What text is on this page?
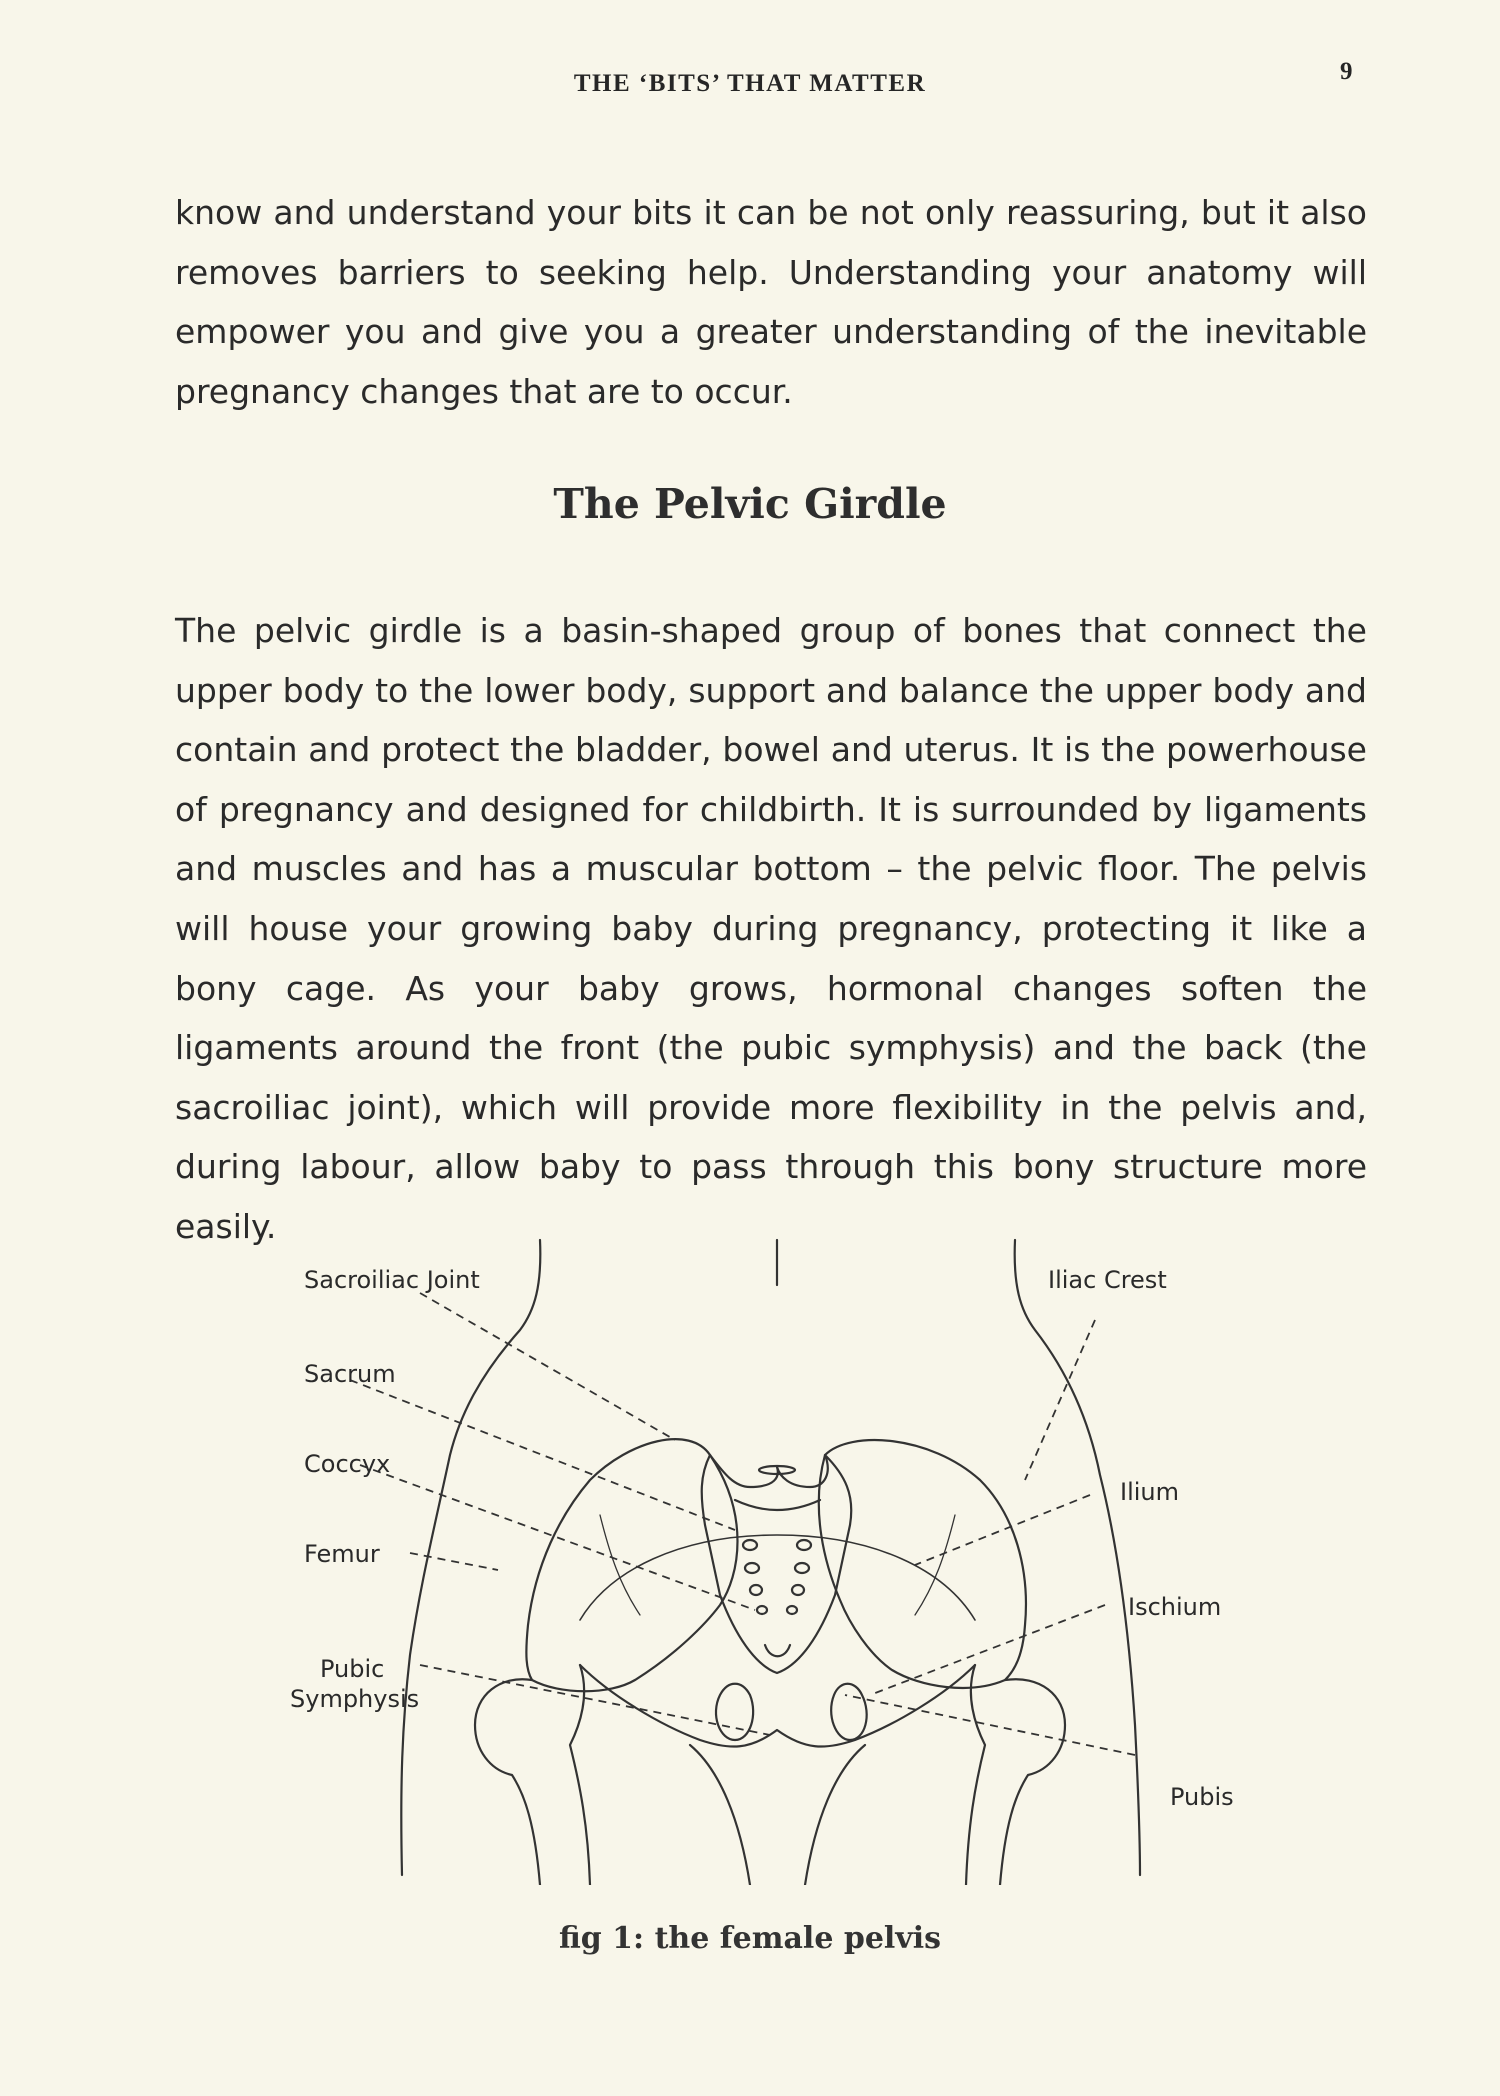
THE ‘BITS’ THAT MATTER	9

know and understand your bits it can be not only reassuring, but it also removes barriers to seeking help. Understanding your anatomy will empower you and give you a greater understanding of the inevitable pregnancy changes that are to occur.

The Pelvic Girdle

The pelvic girdle is a basin-shaped group of bones that connect the upper body to the lower body, support and balance the upper body and contain and protect the bladder, bowel and uterus. It is the powerhouse of pregnancy and designed for childbirth. It is surrounded by ligaments and muscles and has a muscular bottom – the pelvic floor. The pelvis will house your growing baby during pregnancy, protecting it like a bony cage. As your baby grows, hormonal changes soften the ligaments around the front (the pubic symphysis) and the back (the sacroiliac joint), which will provide more flexibility in the pelvis and, during labour, allow baby to pass through this bony structure more easily.

Sacroiliac Joint
Sacrum
Coccyx
Femur
Pubic
Symphysis
Iliac Crest
Ilium
Ischium
Pubis

fig 1: the female pelvis
